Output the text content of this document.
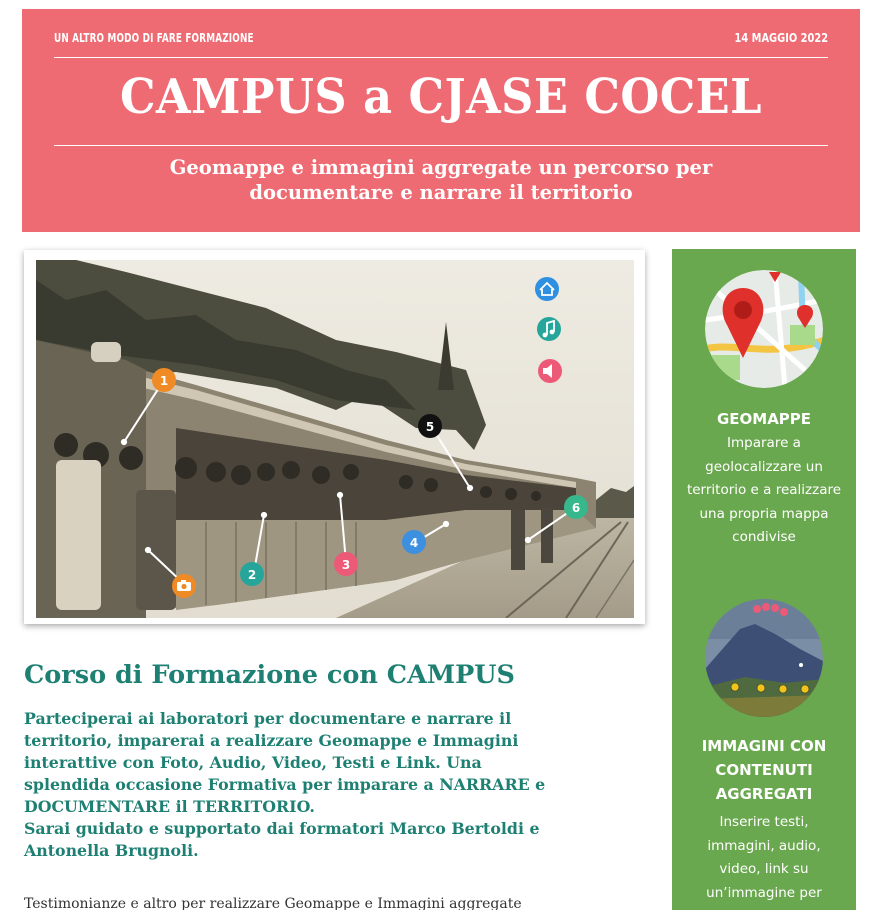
UN ALTRO MODO DI FARE FORMAZIONE	14 MAGGIO 2022
CAMPUS a CJASE COCEL
Geomappe e immagini aggregate un percorso per
documentare e narrare il territorio
1
2
3
4
5
6
GEOMAPPE
Imparare a geolocalizzare un territorio e a realizzare una propria mappa condivise
IMMAGINI CON CONTENUTI AGGREGATI
Inserire testi, immagini, audio, video, link su un’immagine per
Corso di Formazione con CAMPUS
Parteciperai ai laboratori per documentare e narrare il
territorio, imparerai a realizzare Geomappe e Immagini
interattive con Foto, Audio, Video, Testi e Link. Una
splendida occasione Formativa per imparare a NARRARE e
DOCUMENTARE il TERRITORIO.
Sarai guidato e supportato dai formatori Marco Bertoldi e
Antonella Brugnoli.
Testimonianze e altro per realizzare Geomappe e Immagini aggregate
